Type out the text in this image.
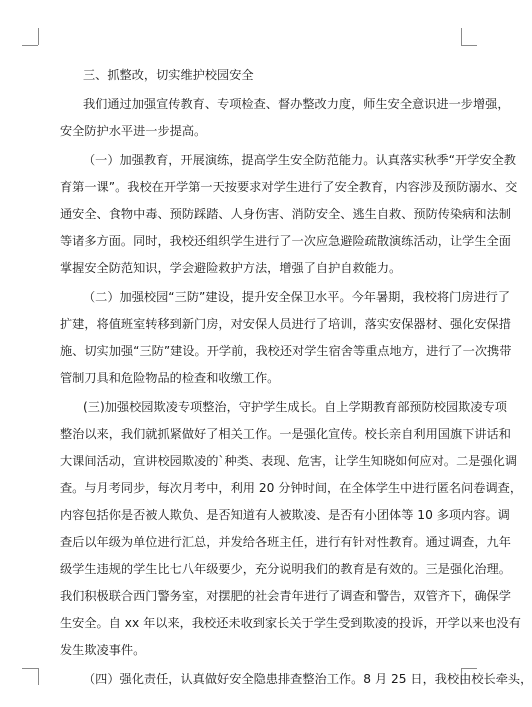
三、抓整改，切实维护校园安全
我们通过加强宣传教育、专项检查、督办整改力度，师生安全意识进一步增强，
安全防护水平进一步提高。
（一）加强教育，开展演练，提高学生安全防范能力。认真落实秋季“开学安全教
育第一课”。我校在开学第一天按要求对学生进行了安全教育，内容涉及预防溺水、交
通安全、食物中毒、预防踩踏、人身伤害、消防安全、逃生自救、预防传染病和法制
等诸多方面。同时，我校还组织学生进行了一次应急避险疏散演练活动，让学生全面
掌握安全防范知识，学会避险救护方法，增强了自护自救能力。
（二）加强校园“三防”建设，提升安全保卫水平。今年暑期，我校将门房进行了
扩建，将值班室转移到新门房，对安保人员进行了培训，落实安保器材、强化安保措
施、切实加强“三防”建设。开学前，我校还对学生宿舍等重点地方，进行了一次携带
管制刀具和危险物品的检查和收缴工作。
(三)加强校园欺凌专项整治，守护学生成长。自上学期教育部预防校园欺凌专项
整治以来，我们就抓紧做好了相关工作。一是强化宣传。校长亲自利用国旗下讲话和
大课间活动，宣讲校园欺凌的`种类、表现、危害，让学生知晓如何应对。二是强化调
查。与月考同步，每次月考中，利用 20 分钟时间，在全体学生中进行匿名问卷调查，
内容包括你是否被人欺负、是否知道有人被欺凌、是否有小团体等 10 多项内容。调
查后以年级为单位进行汇总，并发给各班主任，进行有针对性教育。通过调查，九年
级学生违规的学生比七八年级要少，充分说明我们的教育是有效的。三是强化治理。
我们积极联合西门警务室，对摆肥的社会青年进行了调查和警告，双管齐下，确保学
生安全。自 xx 年以来，我校还未收到家长关于学生受到欺凌的投诉，开学以来也没有
发生欺凌事件。
（四）强化责任，认真做好安全隐患排查整治工作。8 月 25 日，我校由校长牵头，
